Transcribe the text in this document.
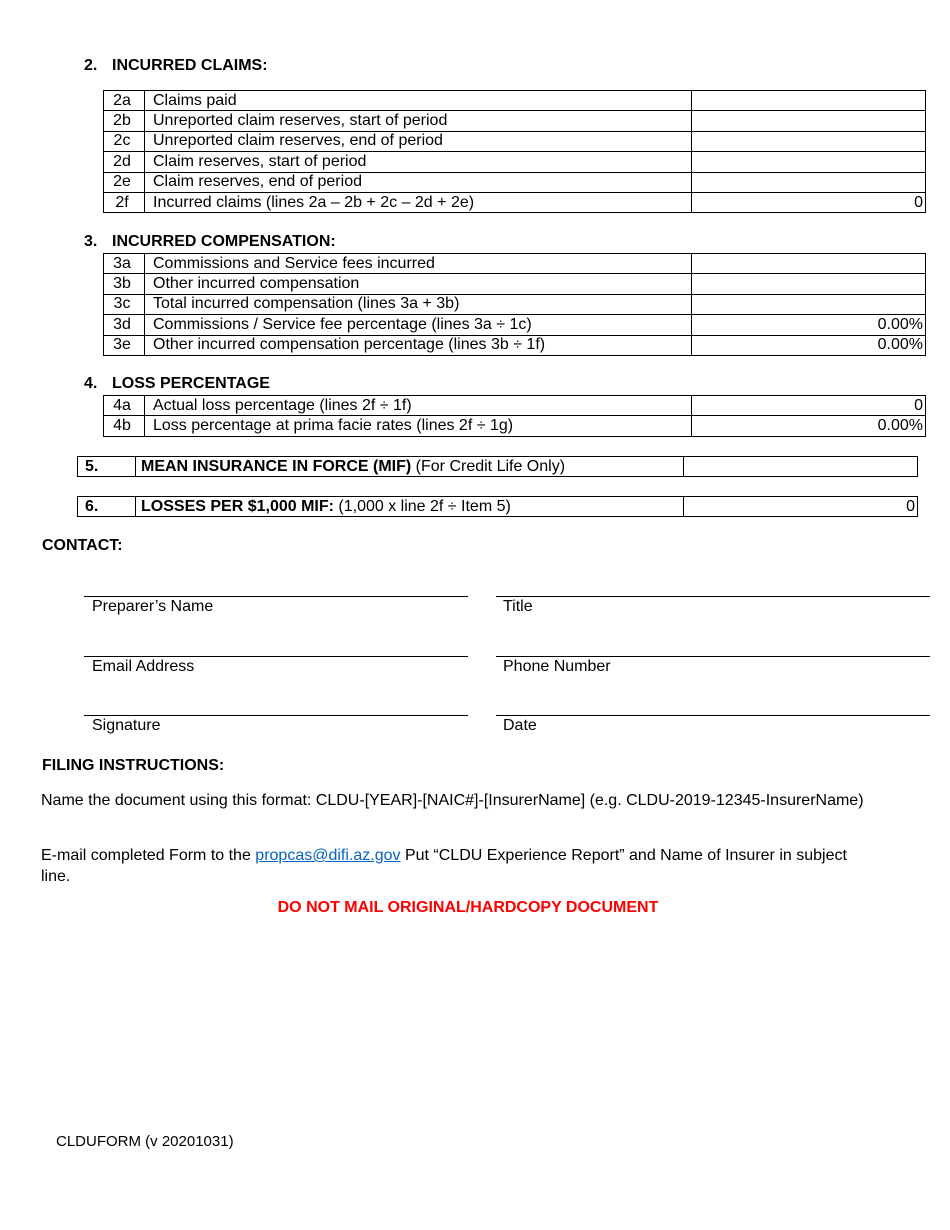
2. INCURRED CLAIMS:
2a	Claims paid	
2b	Unreported claim reserves, start of period	
2c	Unreported claim reserves, end of period	
2d	Claim reserves, start of period	
2e	Claim reserves, end of period	
2f	Incurred claims (lines 2a – 2b + 2c – 2d + 2e)	0
3. INCURRED COMPENSATION:
3a	Commissions and Service fees incurred	
3b	Other incurred compensation	
3c	Total incurred compensation (lines 3a + 3b)	
3d	Commissions / Service fee percentage (lines 3a ÷ 1c)	0.00%
3e	Other incurred compensation percentage (lines 3b ÷ 1f)	0.00%
4. LOSS PERCENTAGE
4a	Actual loss percentage (lines 2f ÷ 1f)	0
4b	Loss percentage at prima facie rates (lines 2f ÷ 1g)	0.00%
5.	MEAN INSURANCE IN FORCE (MIF) (For Credit Life Only)	
6.	LOSSES PER $1,000 MIF: (1,000 x line 2f ÷ Item 5)	0
CONTACT:
Preparer’s Name	Title
Email Address	Phone Number
Signature	Date
FILING INSTRUCTIONS:
Name the document using this format: CLDU-[YEAR]-[NAIC#]-[InsurerName] (e.g. CLDU-2019-12345-InsurerName)
E-mail completed Form to the propcas@difi.az.gov Put “CLDU Experience Report” and Name of Insurer in subject line.
DO NOT MAIL ORIGINAL/HARDCOPY DOCUMENT
CLDUFORM (v 20201031)
